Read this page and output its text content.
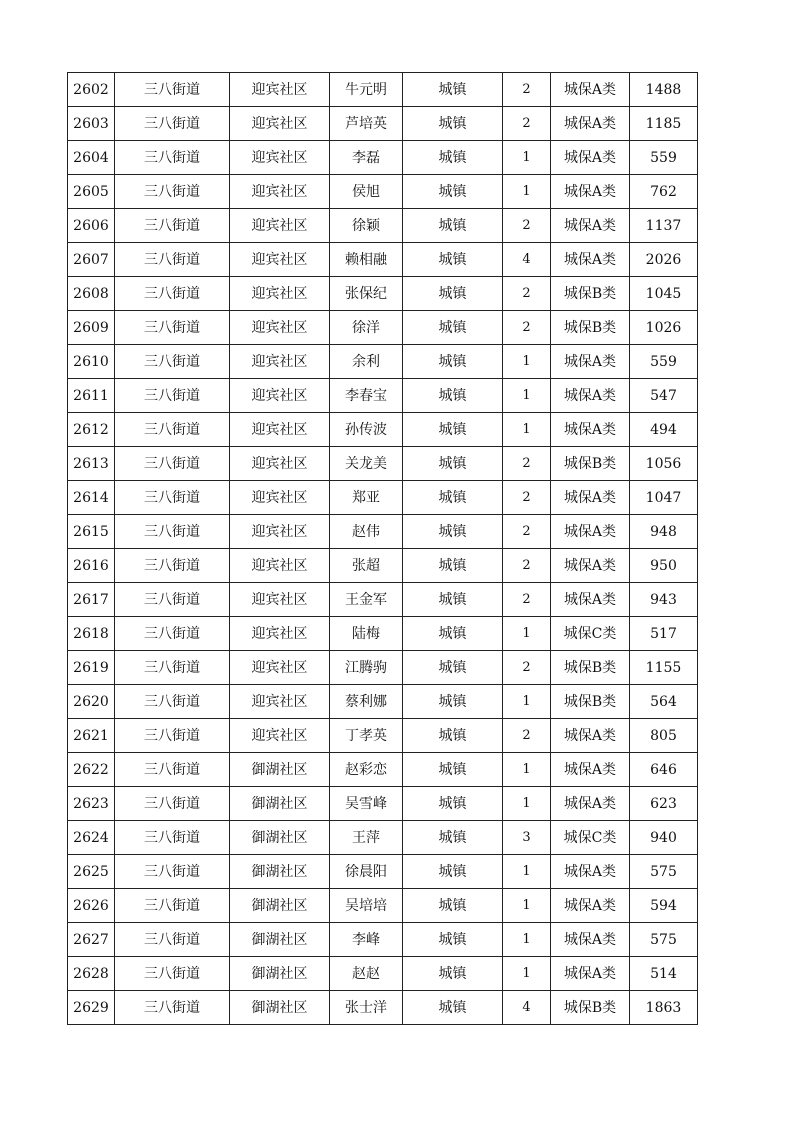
2602	三八街道	迎宾社区	牛元明	城镇	2	城保A类	1488
2603	三八街道	迎宾社区	芦培英	城镇	2	城保A类	1185
2604	三八街道	迎宾社区	李磊	城镇	1	城保A类	559
2605	三八街道	迎宾社区	侯旭	城镇	1	城保A类	762
2606	三八街道	迎宾社区	徐颖	城镇	2	城保A类	1137
2607	三八街道	迎宾社区	赖相融	城镇	4	城保A类	2026
2608	三八街道	迎宾社区	张保纪	城镇	2	城保B类	1045
2609	三八街道	迎宾社区	徐洋	城镇	2	城保B类	1026
2610	三八街道	迎宾社区	余利	城镇	1	城保A类	559
2611	三八街道	迎宾社区	李春宝	城镇	1	城保A类	547
2612	三八街道	迎宾社区	孙传波	城镇	1	城保A类	494
2613	三八街道	迎宾社区	关龙美	城镇	2	城保B类	1056
2614	三八街道	迎宾社区	郑亚	城镇	2	城保A类	1047
2615	三八街道	迎宾社区	赵伟	城镇	2	城保A类	948
2616	三八街道	迎宾社区	张超	城镇	2	城保A类	950
2617	三八街道	迎宾社区	王金军	城镇	2	城保A类	943
2618	三八街道	迎宾社区	陆梅	城镇	1	城保C类	517
2619	三八街道	迎宾社区	江腾驹	城镇	2	城保B类	1155
2620	三八街道	迎宾社区	蔡利娜	城镇	1	城保B类	564
2621	三八街道	迎宾社区	丁孝英	城镇	2	城保A类	805
2622	三八街道	御湖社区	赵彩恋	城镇	1	城保A类	646
2623	三八街道	御湖社区	吴雪峰	城镇	1	城保A类	623
2624	三八街道	御湖社区	王萍	城镇	3	城保C类	940
2625	三八街道	御湖社区	徐晨阳	城镇	1	城保A类	575
2626	三八街道	御湖社区	吴培培	城镇	1	城保A类	594
2627	三八街道	御湖社区	李峰	城镇	1	城保A类	575
2628	三八街道	御湖社区	赵赵	城镇	1	城保A类	514
2629	三八街道	御湖社区	张士洋	城镇	4	城保B类	1863
